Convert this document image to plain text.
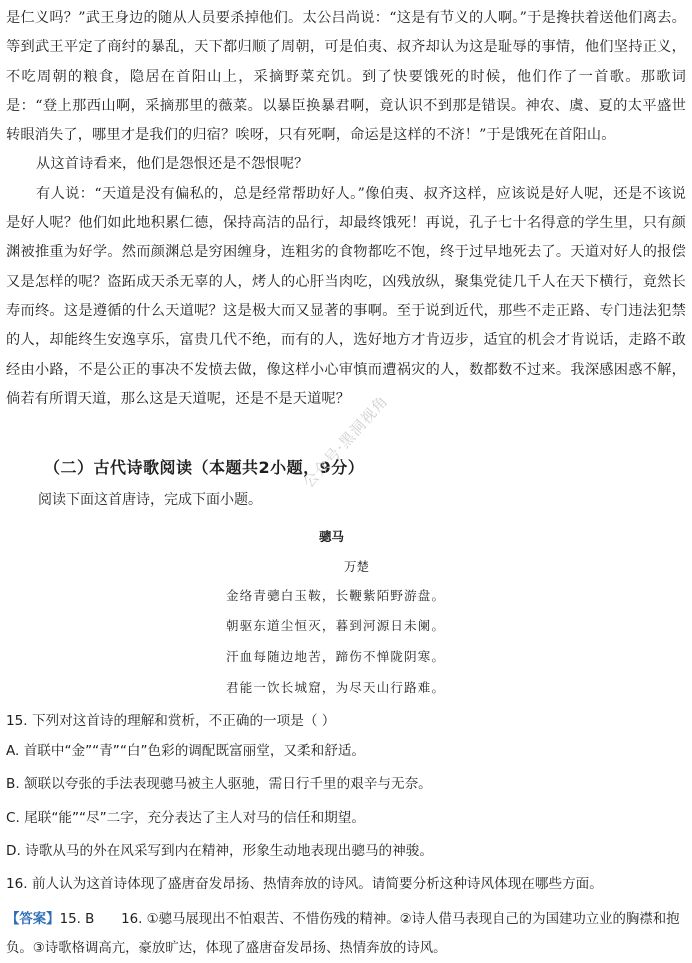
是仁义吗？”武王身边的随从人员要杀掉他们。太公吕尚说：“这是有节义的人啊。”于是搀扶着送他们离去。等到武王平定了商纣的暴乱，天下都归顺了周朝，可是伯夷、叔齐却认为这是耻辱的事情，他们坚持正义，不吃周朝的粮食，隐居在首阳山上，采摘野菜充饥。到了快要饿死的时候，他们作了一首歌。那歌词是：“登上那西山啊，采摘那里的薇菜。以暴臣换暴君啊，竟认识不到那是错误。神农、虞、夏的太平盛世转眼消失了，哪里才是我们的归宿？唉呀，只有死啊，命运是这样的不济！”于是饿死在首阳山。

从这首诗看来，他们是怨恨还是不怨恨呢？

有人说：“天道是没有偏私的，总是经常帮助好人。”像伯夷、叔齐这样，应该说是好人呢，还是不该说是好人呢？他们如此地积累仁德，保持高洁的品行，却最终饿死！再说，孔子七十名得意的学生里，只有颜渊被推重为好学。然而颜渊总是穷困缠身，连粗劣的食物都吃不饱，终于过早地死去了。天道对好人的报偿又是怎样的呢？盗跖成天杀无辜的人，烤人的心肝当肉吃，凶残放纵，聚集党徒几千人在天下横行，竟然长寿而终。这是遵循的什么天道呢？这是极大而又显著的事啊。至于说到近代，那些不走正路、专门违法犯禁的人，却能终生安逸享乐，富贵几代不绝，而有的人，选好地方才肯迈步，适宜的机会才肯说话，走路不敢经由小路，不是公正的事决不发愤去做，像这样小心审慎而遭祸灾的人，数都数不过来。我深感困惑不解，倘若有所谓天道，那么这是天道呢，还是不是天道呢？

（二）古代诗歌阅读（本题共2小题，9分）
阅读下面这首唐诗，完成下面小题。
公众号·黑洞视角
骢马
万楚
金络青骢白玉鞍，长鞭紫陌野游盘。
朝驱东道尘恒灭，暮到河源日未阑。
汗血每随边地苦，蹄伤不惮陇阴寒。
君能一饮长城窟，为尽天山行路难。
15. 下列对这首诗的理解和赏析，不正确的一项是（ ）
A. 首联中“金”“青”“白”色彩的调配既富丽堂，又柔和舒适。
B. 颔联以夸张的手法表现骢马被主人驱驰，需日行千里的艰辛与无奈。
C. 尾联“能”“尽”二字，充分表达了主人对马的信任和期望。
D. 诗歌从马的外在风采写到内在精神，形象生动地表现出骢马的神骏。
16. 前人认为这首诗体现了盛唐奋发昂扬、热情奔放的诗风。请简要分析这种诗风体现在哪些方面。
【答案】15. B　　16. ①骢马展现出不怕艰苦、不惜伤残的精神。②诗人借马表现自己的为国建功立业的胸襟和抱负。③诗歌格调高亢，豪放旷达，体现了盛唐奋发昂扬、热情奔放的诗风。
